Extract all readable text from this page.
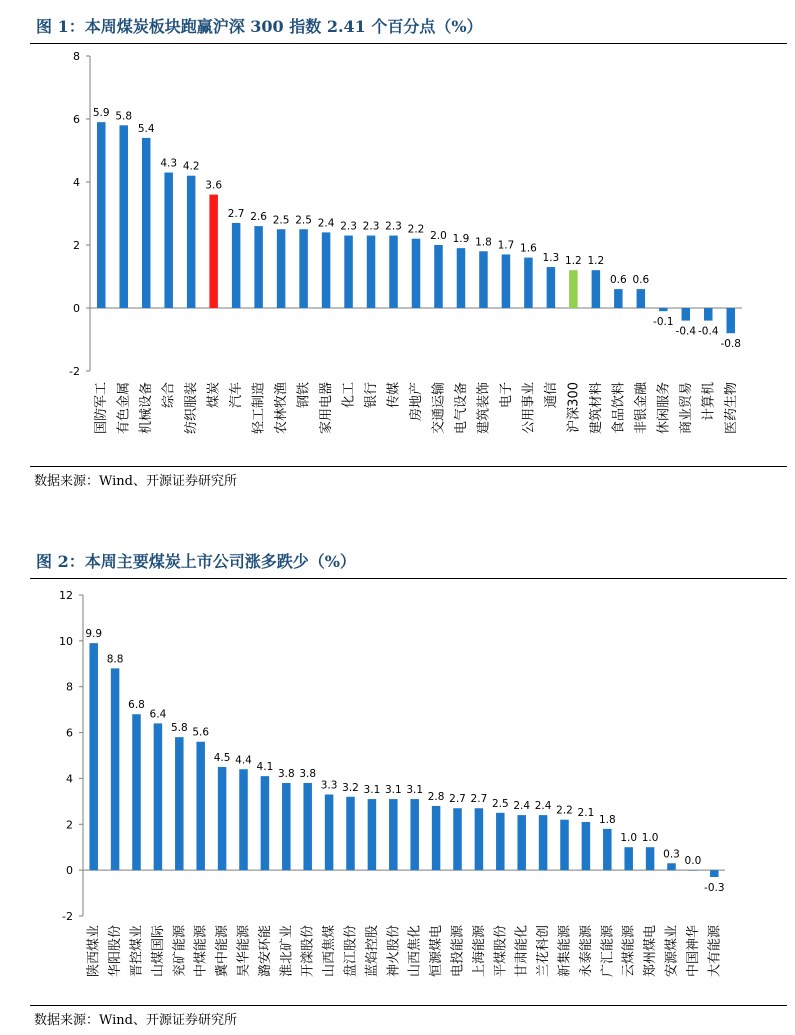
图 1：本周煤炭板块跑赢沪深 300 指数 2.41 个百分点（%）
-2
0
2
4
6
8
5.9
国防军工
5.8
有色金属
5.4
机械设备
4.3
综合
4.2
纺织服装
3.6
煤炭
2.7
汽车
2.6
轻工制造
2.5
农林牧渔
2.5
钢铁
2.4
家用电器
2.3
化工
2.3
银行
2.3
传媒
2.2
房地产
2.0
交通运输
1.9
电气设备
1.8
建筑装饰
1.7
电子
1.6
公用事业
1.3
通信
1.2
沪深300
1.2
建筑材料
0.6
食品饮料
0.6
非银金融
-0.1
休闲服务
-0.4
商业贸易
-0.4
计算机
-0.8
医药生物
数据来源：Wind、开源证券研究所
图 2：本周主要煤炭上市公司涨多跌少（%）
-2
0
2
4
6
8
10
12
9.9
陕西煤业
8.8
华阳股份
6.8
晋控煤业
6.4
山煤国际
5.8
兖矿能源
5.6
中煤能源
4.5
冀中能源
4.4
昊华能源
4.1
潞安环能
3.8
淮北矿业
3.8
开滦股份
3.3
山西焦煤
3.2
盘江股份
3.1
蓝焰控股
3.1
神火股份
3.1
山西焦化
2.8
恒源煤电
2.7
电投能源
2.7
上海能源
2.5
平煤股份
2.4
甘肃能化
2.4
兰花科创
2.2
新集能源
2.1
永泰能源
1.8
广汇能源
1.0
云煤能源
1.0
郑州煤电
0.3
安源煤业
0.0
中国神华
-0.3
大有能源
数据来源：Wind、开源证券研究所
